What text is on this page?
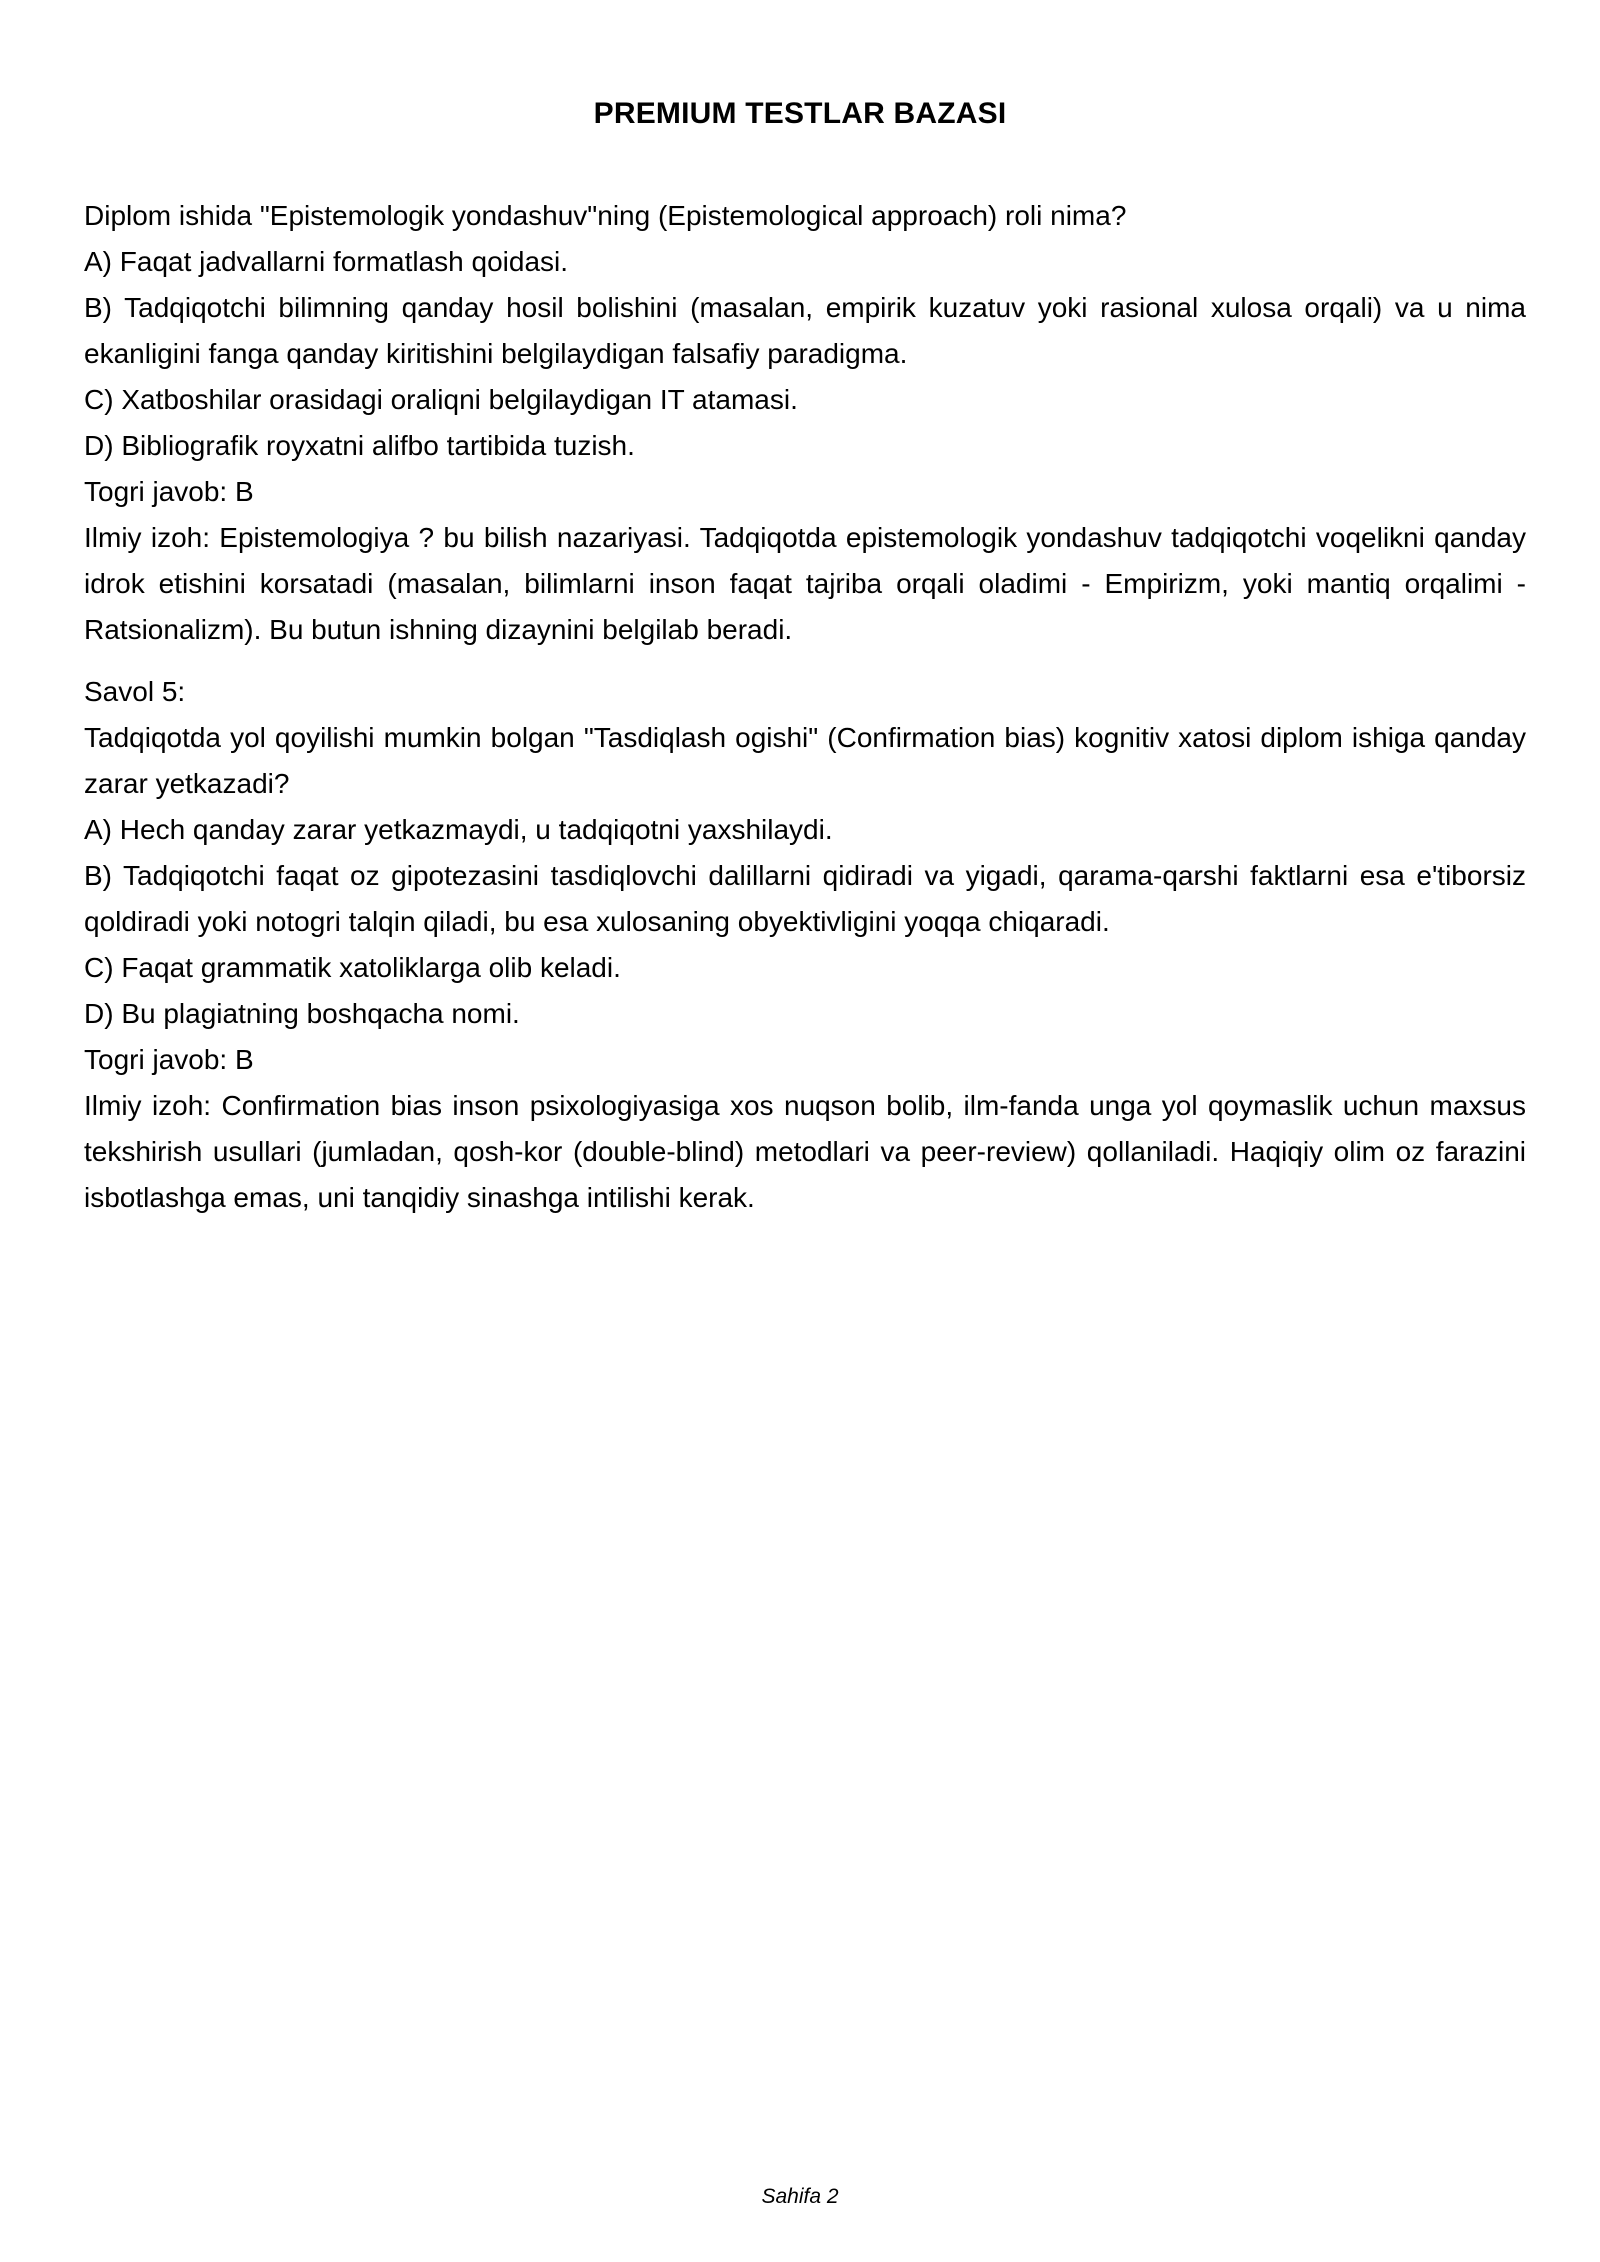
PREMIUM TESTLAR BAZASI

Diplom ishida "Epistemologik yondashuv"ning (Epistemological approach) roli nima?

A) Faqat jadvallarni formatlash qoidasi.

B) Tadqiqotchi bilimning qanday hosil bolishini (masalan, empirik kuzatuv yoki rasional xulosa orqali) va u nima ekanligini fanga qanday kiritishini belgilaydigan falsafiy paradigma.

C) Xatboshilar orasidagi oraliqni belgilaydigan IT atamasi.

D) Bibliografik royxatni alifbo tartibida tuzish.

Togri javob: B

Ilmiy izoh: Epistemologiya ? bu bilish nazariyasi. Tadqiqotda epistemologik yondashuv tadqiqotchi voqelikni qanday idrok etishini korsatadi (masalan, bilimlarni inson faqat tajriba orqali oladimi - Empirizm, yoki mantiq orqalimi - Ratsionalizm). Bu butun ishning dizaynini belgilab beradi.

Savol 5:

Tadqiqotda yol qoyilishi mumkin bolgan "Tasdiqlash ogishi" (Confirmation bias) kognitiv xatosi diplom ishiga qanday zarar yetkazadi?

A) Hech qanday zarar yetkazmaydi, u tadqiqotni yaxshilaydi.

B) Tadqiqotchi faqat oz gipotezasini tasdiqlovchi dalillarni qidiradi va yigadi, qarama-qarshi faktlarni esa e'tiborsiz qoldiradi yoki notogri talqin qiladi, bu esa xulosaning obyektivligini yoqqa chiqaradi.

C) Faqat grammatik xatoliklarga olib keladi.

D) Bu plagiatning boshqacha nomi.

Togri javob: B

Ilmiy izoh: Confirmation bias inson psixologiyasiga xos nuqson bolib, ilm-fanda unga yol qoymaslik uchun maxsus tekshirish usullari (jumladan, qosh-kor (double-blind) metodlari va peer-review) qollaniladi. Haqiqiy olim oz farazini isbotlashga emas, uni tanqidiy sinashga intilishi kerak.

Sahifa 2
